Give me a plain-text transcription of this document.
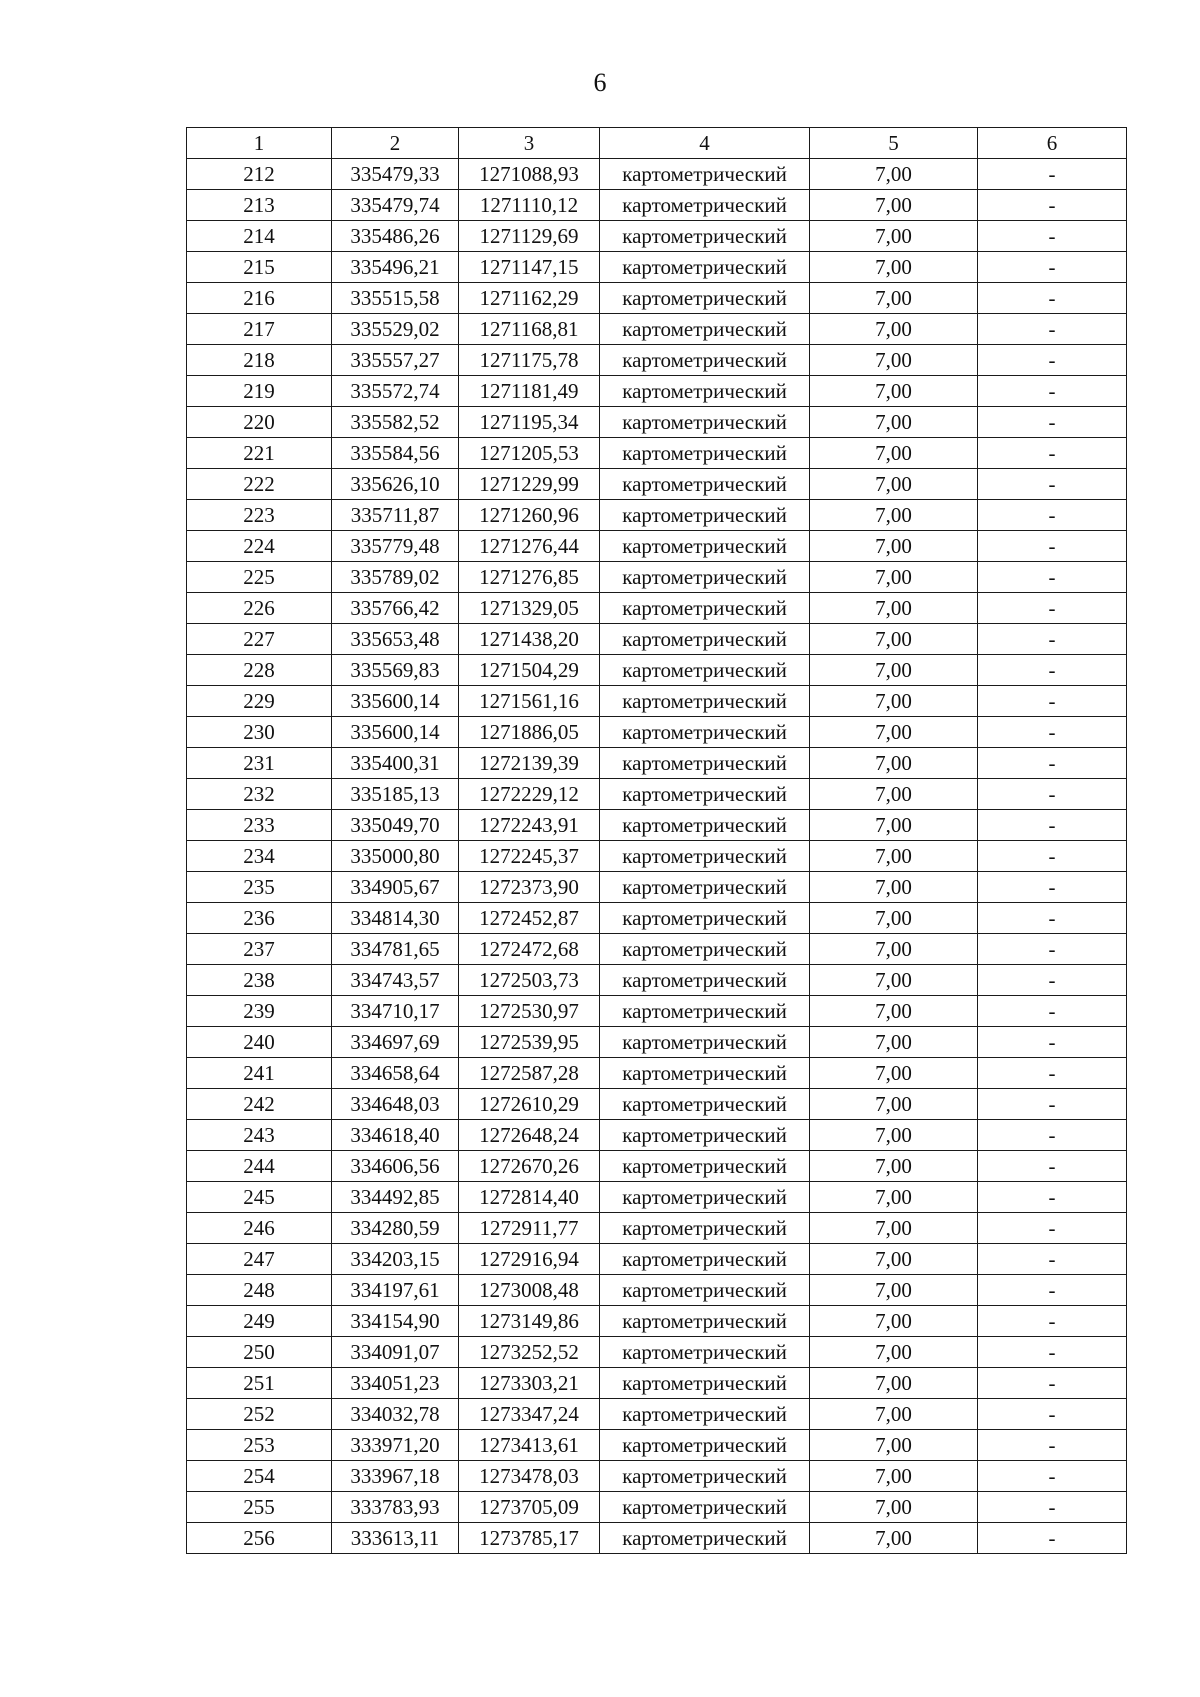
6
1	2	3	4	5	6
212	335479,33	1271088,93	картометрический	7,00	-
213	335479,74	1271110,12	картометрический	7,00	-
214	335486,26	1271129,69	картометрический	7,00	-
215	335496,21	1271147,15	картометрический	7,00	-
216	335515,58	1271162,29	картометрический	7,00	-
217	335529,02	1271168,81	картометрический	7,00	-
218	335557,27	1271175,78	картометрический	7,00	-
219	335572,74	1271181,49	картометрический	7,00	-
220	335582,52	1271195,34	картометрический	7,00	-
221	335584,56	1271205,53	картометрический	7,00	-
222	335626,10	1271229,99	картометрический	7,00	-
223	335711,87	1271260,96	картометрический	7,00	-
224	335779,48	1271276,44	картометрический	7,00	-
225	335789,02	1271276,85	картометрический	7,00	-
226	335766,42	1271329,05	картометрический	7,00	-
227	335653,48	1271438,20	картометрический	7,00	-
228	335569,83	1271504,29	картометрический	7,00	-
229	335600,14	1271561,16	картометрический	7,00	-
230	335600,14	1271886,05	картометрический	7,00	-
231	335400,31	1272139,39	картометрический	7,00	-
232	335185,13	1272229,12	картометрический	7,00	-
233	335049,70	1272243,91	картометрический	7,00	-
234	335000,80	1272245,37	картометрический	7,00	-
235	334905,67	1272373,90	картометрический	7,00	-
236	334814,30	1272452,87	картометрический	7,00	-
237	334781,65	1272472,68	картометрический	7,00	-
238	334743,57	1272503,73	картометрический	7,00	-
239	334710,17	1272530,97	картометрический	7,00	-
240	334697,69	1272539,95	картометрический	7,00	-
241	334658,64	1272587,28	картометрический	7,00	-
242	334648,03	1272610,29	картометрический	7,00	-
243	334618,40	1272648,24	картометрический	7,00	-
244	334606,56	1272670,26	картометрический	7,00	-
245	334492,85	1272814,40	картометрический	7,00	-
246	334280,59	1272911,77	картометрический	7,00	-
247	334203,15	1272916,94	картометрический	7,00	-
248	334197,61	1273008,48	картометрический	7,00	-
249	334154,90	1273149,86	картометрический	7,00	-
250	334091,07	1273252,52	картометрический	7,00	-
251	334051,23	1273303,21	картометрический	7,00	-
252	334032,78	1273347,24	картометрический	7,00	-
253	333971,20	1273413,61	картометрический	7,00	-
254	333967,18	1273478,03	картометрический	7,00	-
255	333783,93	1273705,09	картометрический	7,00	-
256	333613,11	1273785,17	картометрический	7,00	-
